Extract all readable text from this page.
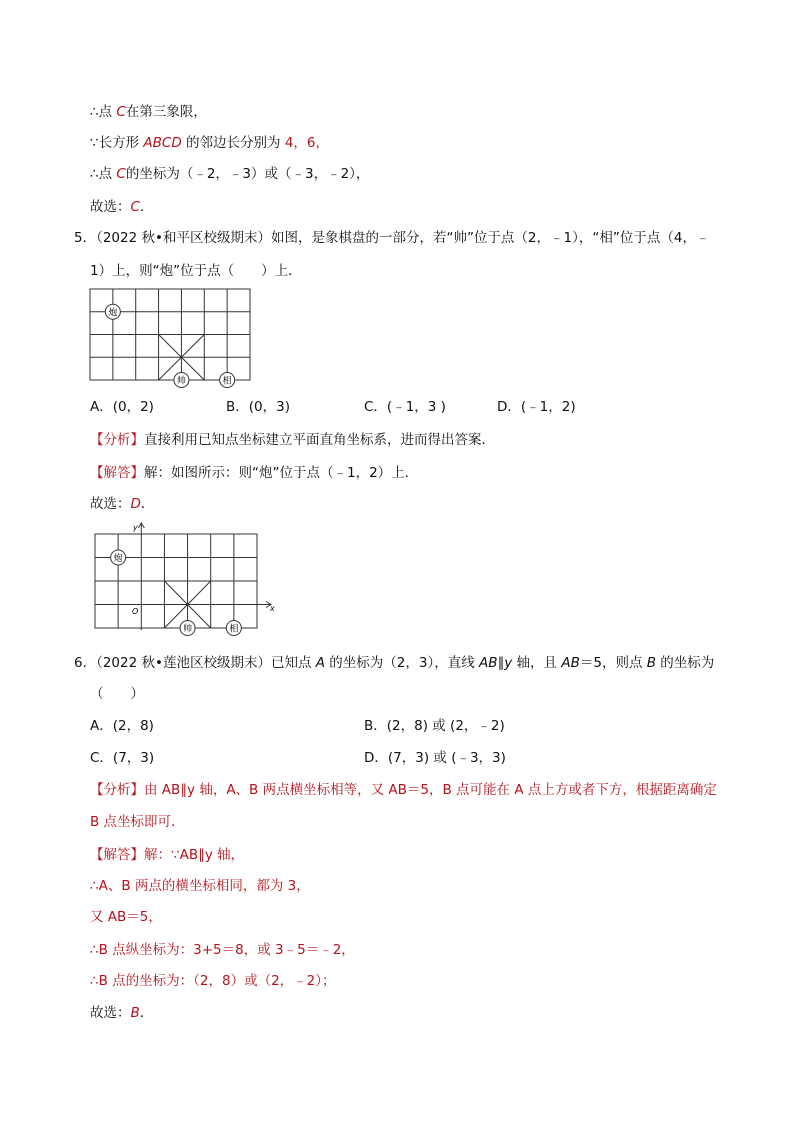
∴点 C在第三象限，
∵长方形 ABCD 的邻边长分别为 4，6，
∴点 C的坐标为（﹣2，﹣3）或（﹣3，﹣2），
故选：C．
5．（2022 秋•和平区校级期末）如图，是象棋盘的一部分，若“帅”位于点（2，﹣1），“相”位于点（4，﹣
1）上，则“炮”位于点（　　）上．
炮
帅	相
A．(0，2)	B．(0，3)	C．(﹣1，3 )	D．(﹣1，2)
【分析】直接利用已知点坐标建立平面直角坐标系，进而得出答案．
【解答】解：如图所示：则“炮”位于点（﹣1，2）上．
故选：D．
y
x
O
炮
帅	相
6．（2022 秋•莲池区校级期末）已知点 A 的坐标为（2，3），直线 AB∥y 轴，且 AB＝5，则点 B 的坐标为
（　　）
A．(2，8)	B．(2，8) 或 (2，﹣2)
C．(7，3)	D．(7，3) 或 (﹣3，3)
【分析】由 AB∥y 轴，A、B 两点横坐标相等，又 AB＝5，B 点可能在 A 点上方或者下方，根据距离确定
B 点坐标即可．
【解答】解：∵AB∥y 轴，
∴A、B 两点的横坐标相同，都为 3，
又 AB＝5，
∴B 点纵坐标为：3+5＝8，或 3﹣5＝﹣2，
∴B 点的坐标为：（2，8）或（2，﹣2）；
故选：B．
